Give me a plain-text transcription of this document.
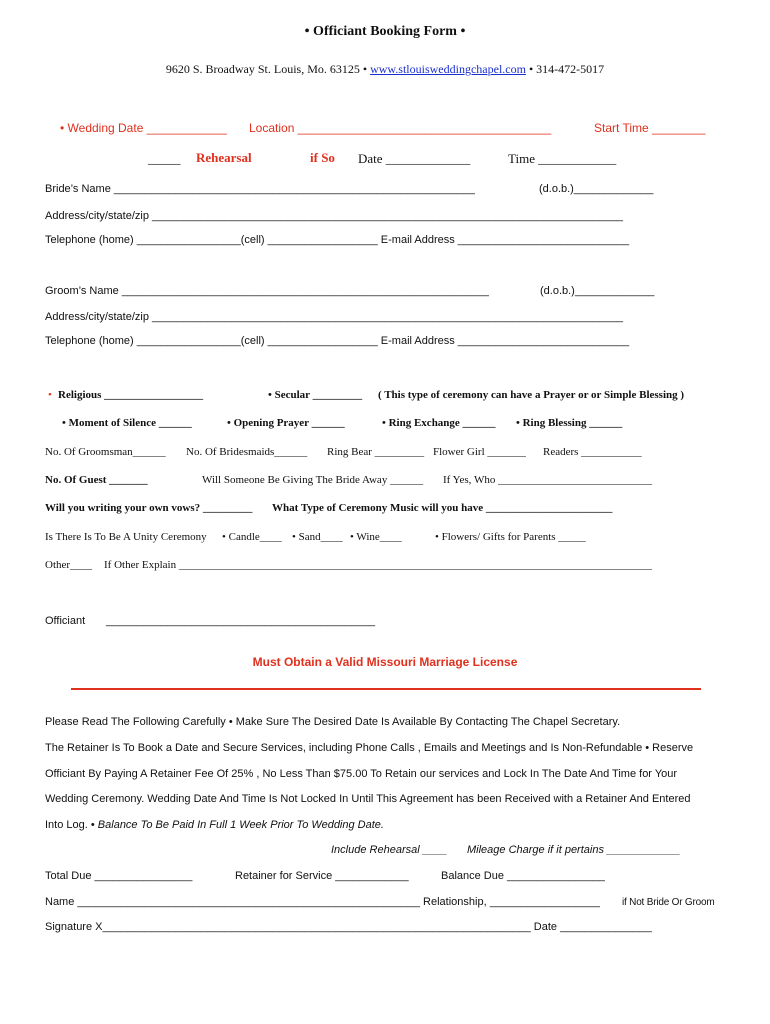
• Officiant Booking Form •
9620 S. Broadway St. Louis, Mo. 63125 • www.stlouisweddingchapel.com • 314-472-5017
• Wedding Date ____________ Location ______________________________________	Start Time ________
_____ Rehearsal	if So Date _____________	Time ____________
Bride’s Name ___________________________________________________________	(d.o.b.)_____________
Address/city/state/zip _____________________________________________________________________________
Telephone (home) _________________(cell) __________________ E-mail Address ____________________________
Groom’s Name ____________________________________________________________	(d.o.b.)_____________
Address/city/state/zip _____________________________________________________________________________
Telephone (home) _________________(cell) __________________ E-mail Address ____________________________
• Religious __________________	• Secular _________ ( This type of ceremony can have a Prayer or or Simple Blessing )
• Moment of Silence ______	• Opening Prayer ______	• Ring Exchange ______ • Ring Blessing ______
No. Of Groomsman______ No. Of Bridesmaids______ Ring Bear _________ Flower Girl _______ Readers ___________
No. Of Guest _______	Will Someone Be Giving The Bride Away ______ If Yes, Who ____________________________
Will you writing your own vows? _________ What Type of Ceremony Music will you have _______________________
Is There Is To Be A Unity Ceremony • Candle____ • Sand____ • Wine____	• Flowers/ Gifts for Parents _____
Other____ If Other Explain ______________________________________________________________________________________
Officiant ____________________________________________
Must Obtain a Valid Missouri Marriage License
Please Read The Following Carefully • Make Sure The Desired Date Is Available By Contacting The Chapel Secretary.
The Retainer Is To Book a Date and Secure Services, including Phone Calls , Emails and Meetings and Is Non-Refundable • Reserve
Officiant By Paying A Retainer Fee Of 25% , No Less Than $75.00 To Retain our services and Lock In The Date And Time for Your
Wedding Ceremony. Wedding Date And Time Is Not Locked In Until This Agreement has been Received with a Retainer And Entered
Into Log. • Balance To Be Paid In Full 1 Week Prior To Wedding Date.
Include Rehearsal ____ Mileage Charge if it pertains ____________
Total Due ________________	Retainer for Service ____________	Balance Due ________________
Name ________________________________________________________ Relationship, __________________ if Not Bride Or Groom
Signature X______________________________________________________________________ Date _______________
